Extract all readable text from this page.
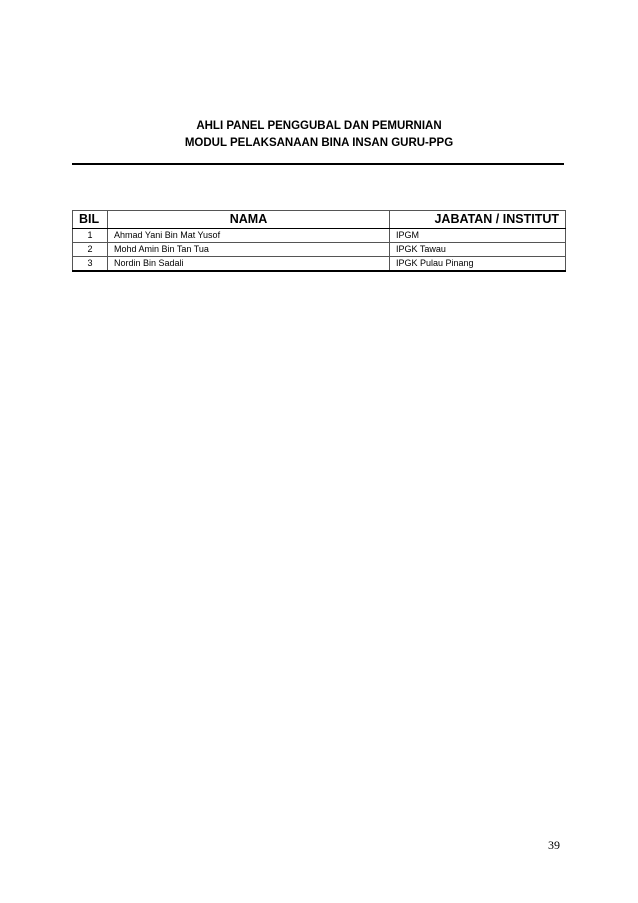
AHLI PANEL PENGGUBAL DAN PEMURNIAN
MODUL PELAKSANAAN BINA INSAN GURU-PPG
BIL	NAMA	JABATAN / INSTITUT
1	Ahmad Yani Bin Mat Yusof	IPGM
2	Mohd Amin Bin Tan Tua	IPGK Tawau
3	Nordin Bin Sadali	IPGK Pulau Pinang
39
